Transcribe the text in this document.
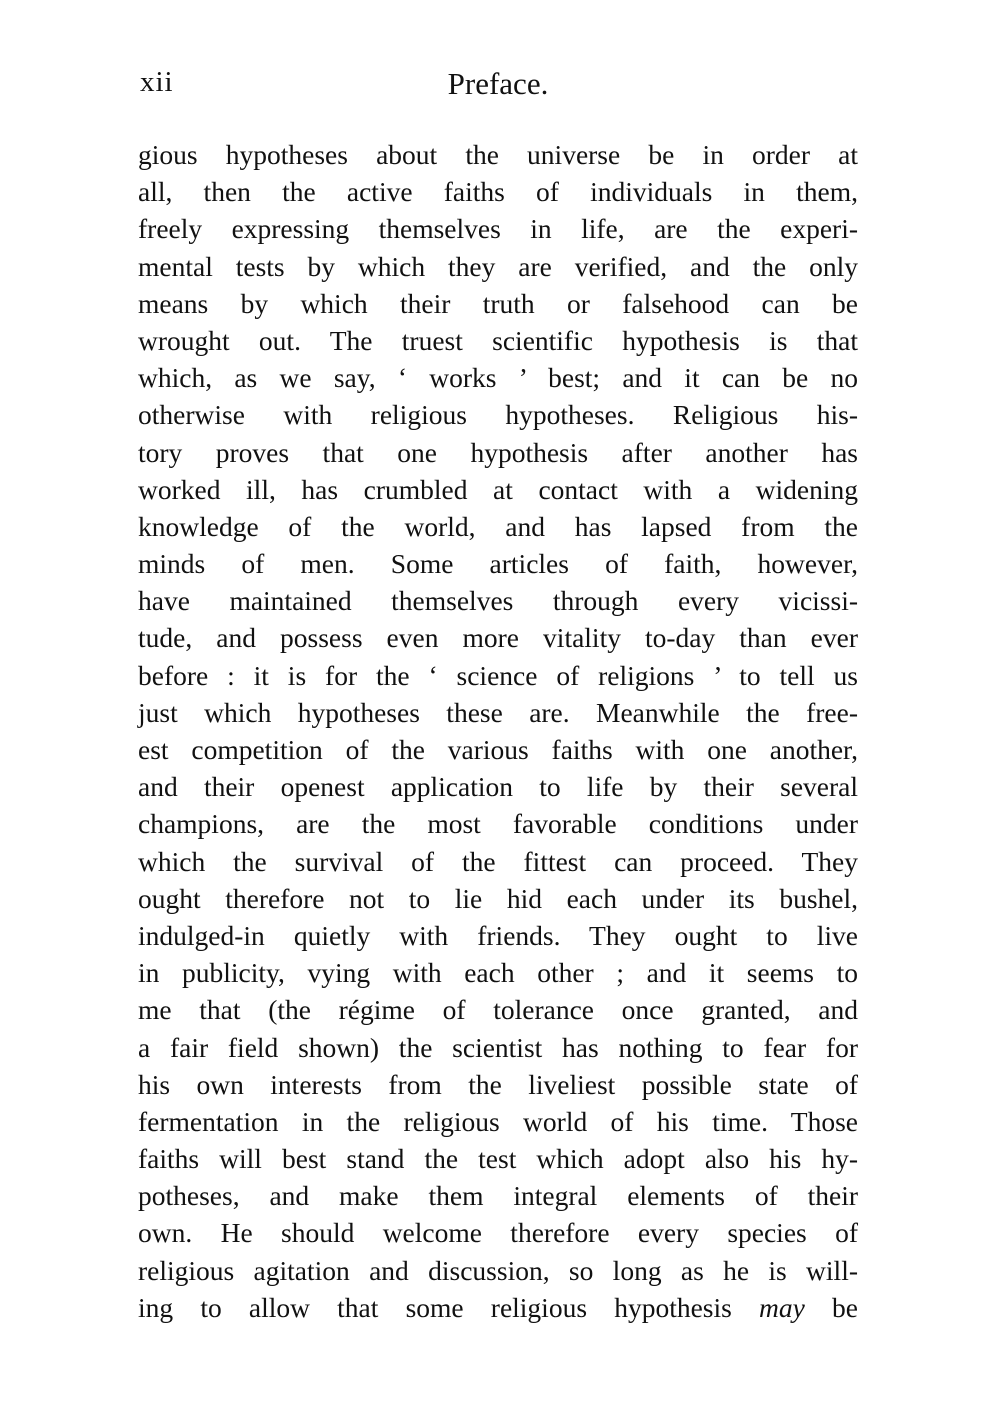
xii	Preface.
gious hypotheses about the universe be in order at
all, then the active faiths of individuals in them,
freely expressing themselves in life, are the experi-
mental tests by which they are verified, and the only
means by which their truth or falsehood can be
wrought out. The truest scientific hypothesis is that
which, as we say, ‘ works ’ best; and it can be no
otherwise with religious hypotheses. Religious his-
tory proves that one hypothesis after another has
worked ill, has crumbled at contact with a widening
knowledge of the world, and has lapsed from the
minds of men. Some articles of faith, however,
have maintained themselves through every vicissi-
tude, and possess even more vitality to-day than ever
before : it is for the ‘ science of religions ’ to tell us
just which hypotheses these are. Meanwhile the free-
est competition of the various faiths with one another,
and their openest application to life by their several
champions, are the most favorable conditions under
which the survival of the fittest can proceed. They
ought therefore not to lie hid each under its bushel,
indulged-in quietly with friends. They ought to live
in publicity, vying with each other ; and it seems to
me that (the régime of tolerance once granted, and
a fair field shown) the scientist has nothing to fear for
his own interests from the liveliest possible state of
fermentation in the religious world of his time. Those
faiths will best stand the test which adopt also his hy-
potheses, and make them integral elements of their
own. He should welcome therefore every species of
religious agitation and discussion, so long as he is will-
ing to allow that some religious hypothesis may be
